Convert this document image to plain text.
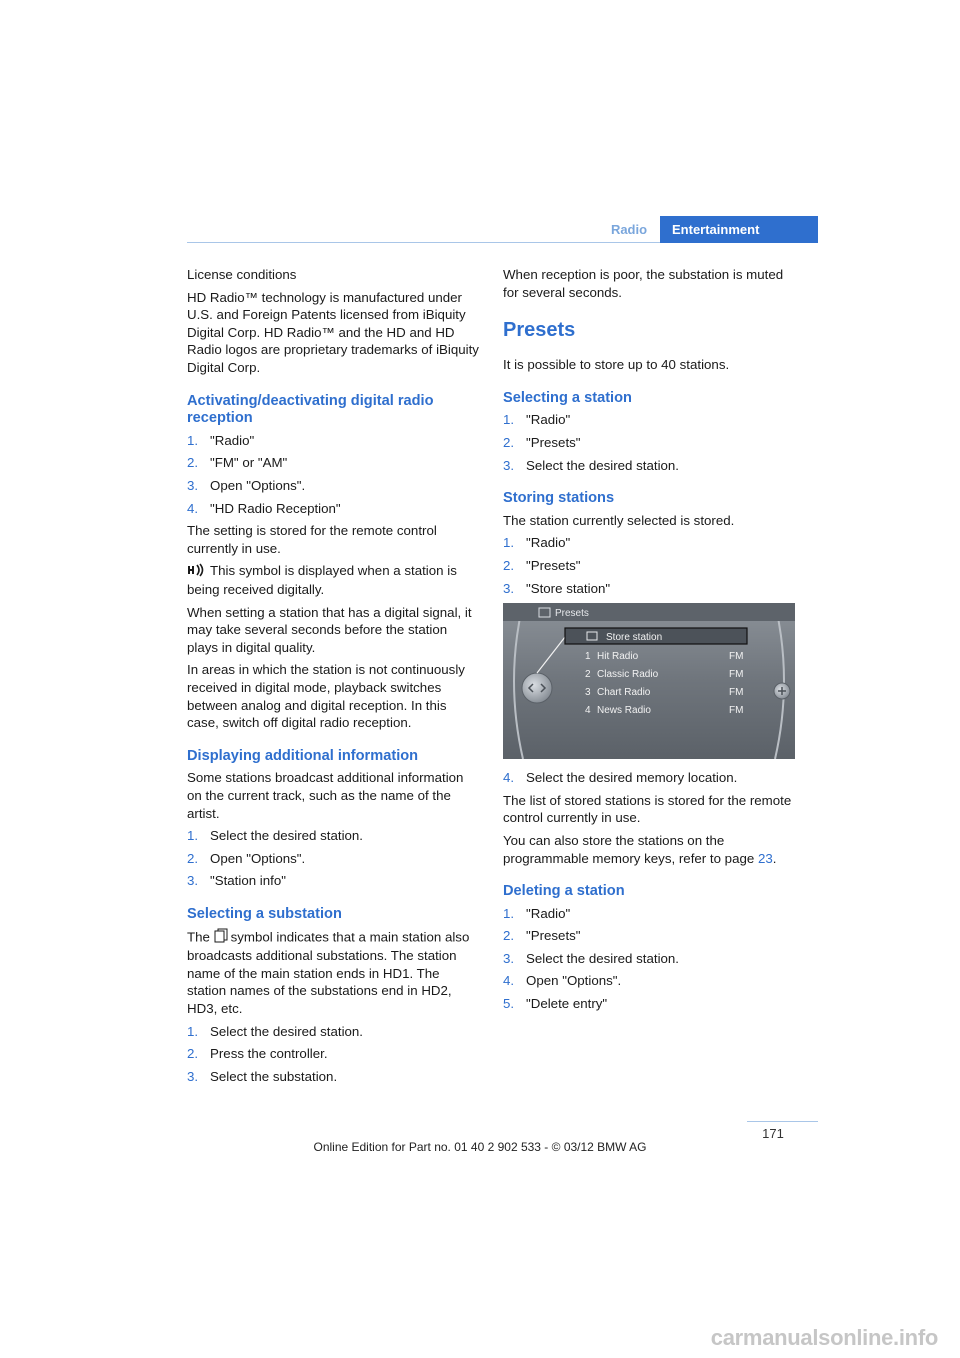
Radio	Entertainment

License conditions

HD Radio™ technology is manufactured under U.S. and Foreign Patents licensed from iBiquity Digital Corp. HD Radio™ and the HD and HD Radio logos are proprietary trademarks of iBiquity Digital Corp.

Activating/deactivating digital radio reception
1. "Radio"
2. "FM" or "AM"
3. Open "Options".
4. "HD Radio Reception"

The setting is stored for the remote control currently in use.

This symbol is displayed when a station is being received digitally.

When setting a station that has a digital signal, it may take several seconds before the station plays in digital quality.

In areas in which the station is not continuously received in digital mode, playback switches between analog and digital reception. In this case, switch off digital radio reception.

Displaying additional information

Some stations broadcast additional information on the current track, such as the name of the artist.

1. Select the desired station.
2. Open "Options".
3. "Station info"
Selecting a substation

The symbol indicates that a main station also broadcasts additional substations. The station name of the main station ends in HD1. The station names of the substations end in HD2, HD3, etc.

1. Select the desired station.
2. Press the controller.
3. Select the substation.

When reception is poor, the substation is muted for several seconds.

Presets

It is possible to store up to 40 stations.

Selecting a station
1. "Radio"
2. "Presets"
3. Select the desired station.
Storing stations

The station currently selected is stored.

1. "Radio"
2. "Presets"
3. "Store station"
Presets
Store station
1 Hit Radio	FM
2 Classic Radio	FM
3 Chart Radio	FM
4 News Radio	FM
4. Select the desired memory location.

The list of stored stations is stored for the remote control currently in use.

You can also store the stations on the programmable memory keys, refer to page 23.

Deleting a station
1. "Radio"
2. "Presets"
3. Select the desired station.
4. Open "Options".
5. "Delete entry"
171
Online Edition for Part no. 01 40 2 902 533 - © 03/12 BMW AG
carmanualsonline.info
